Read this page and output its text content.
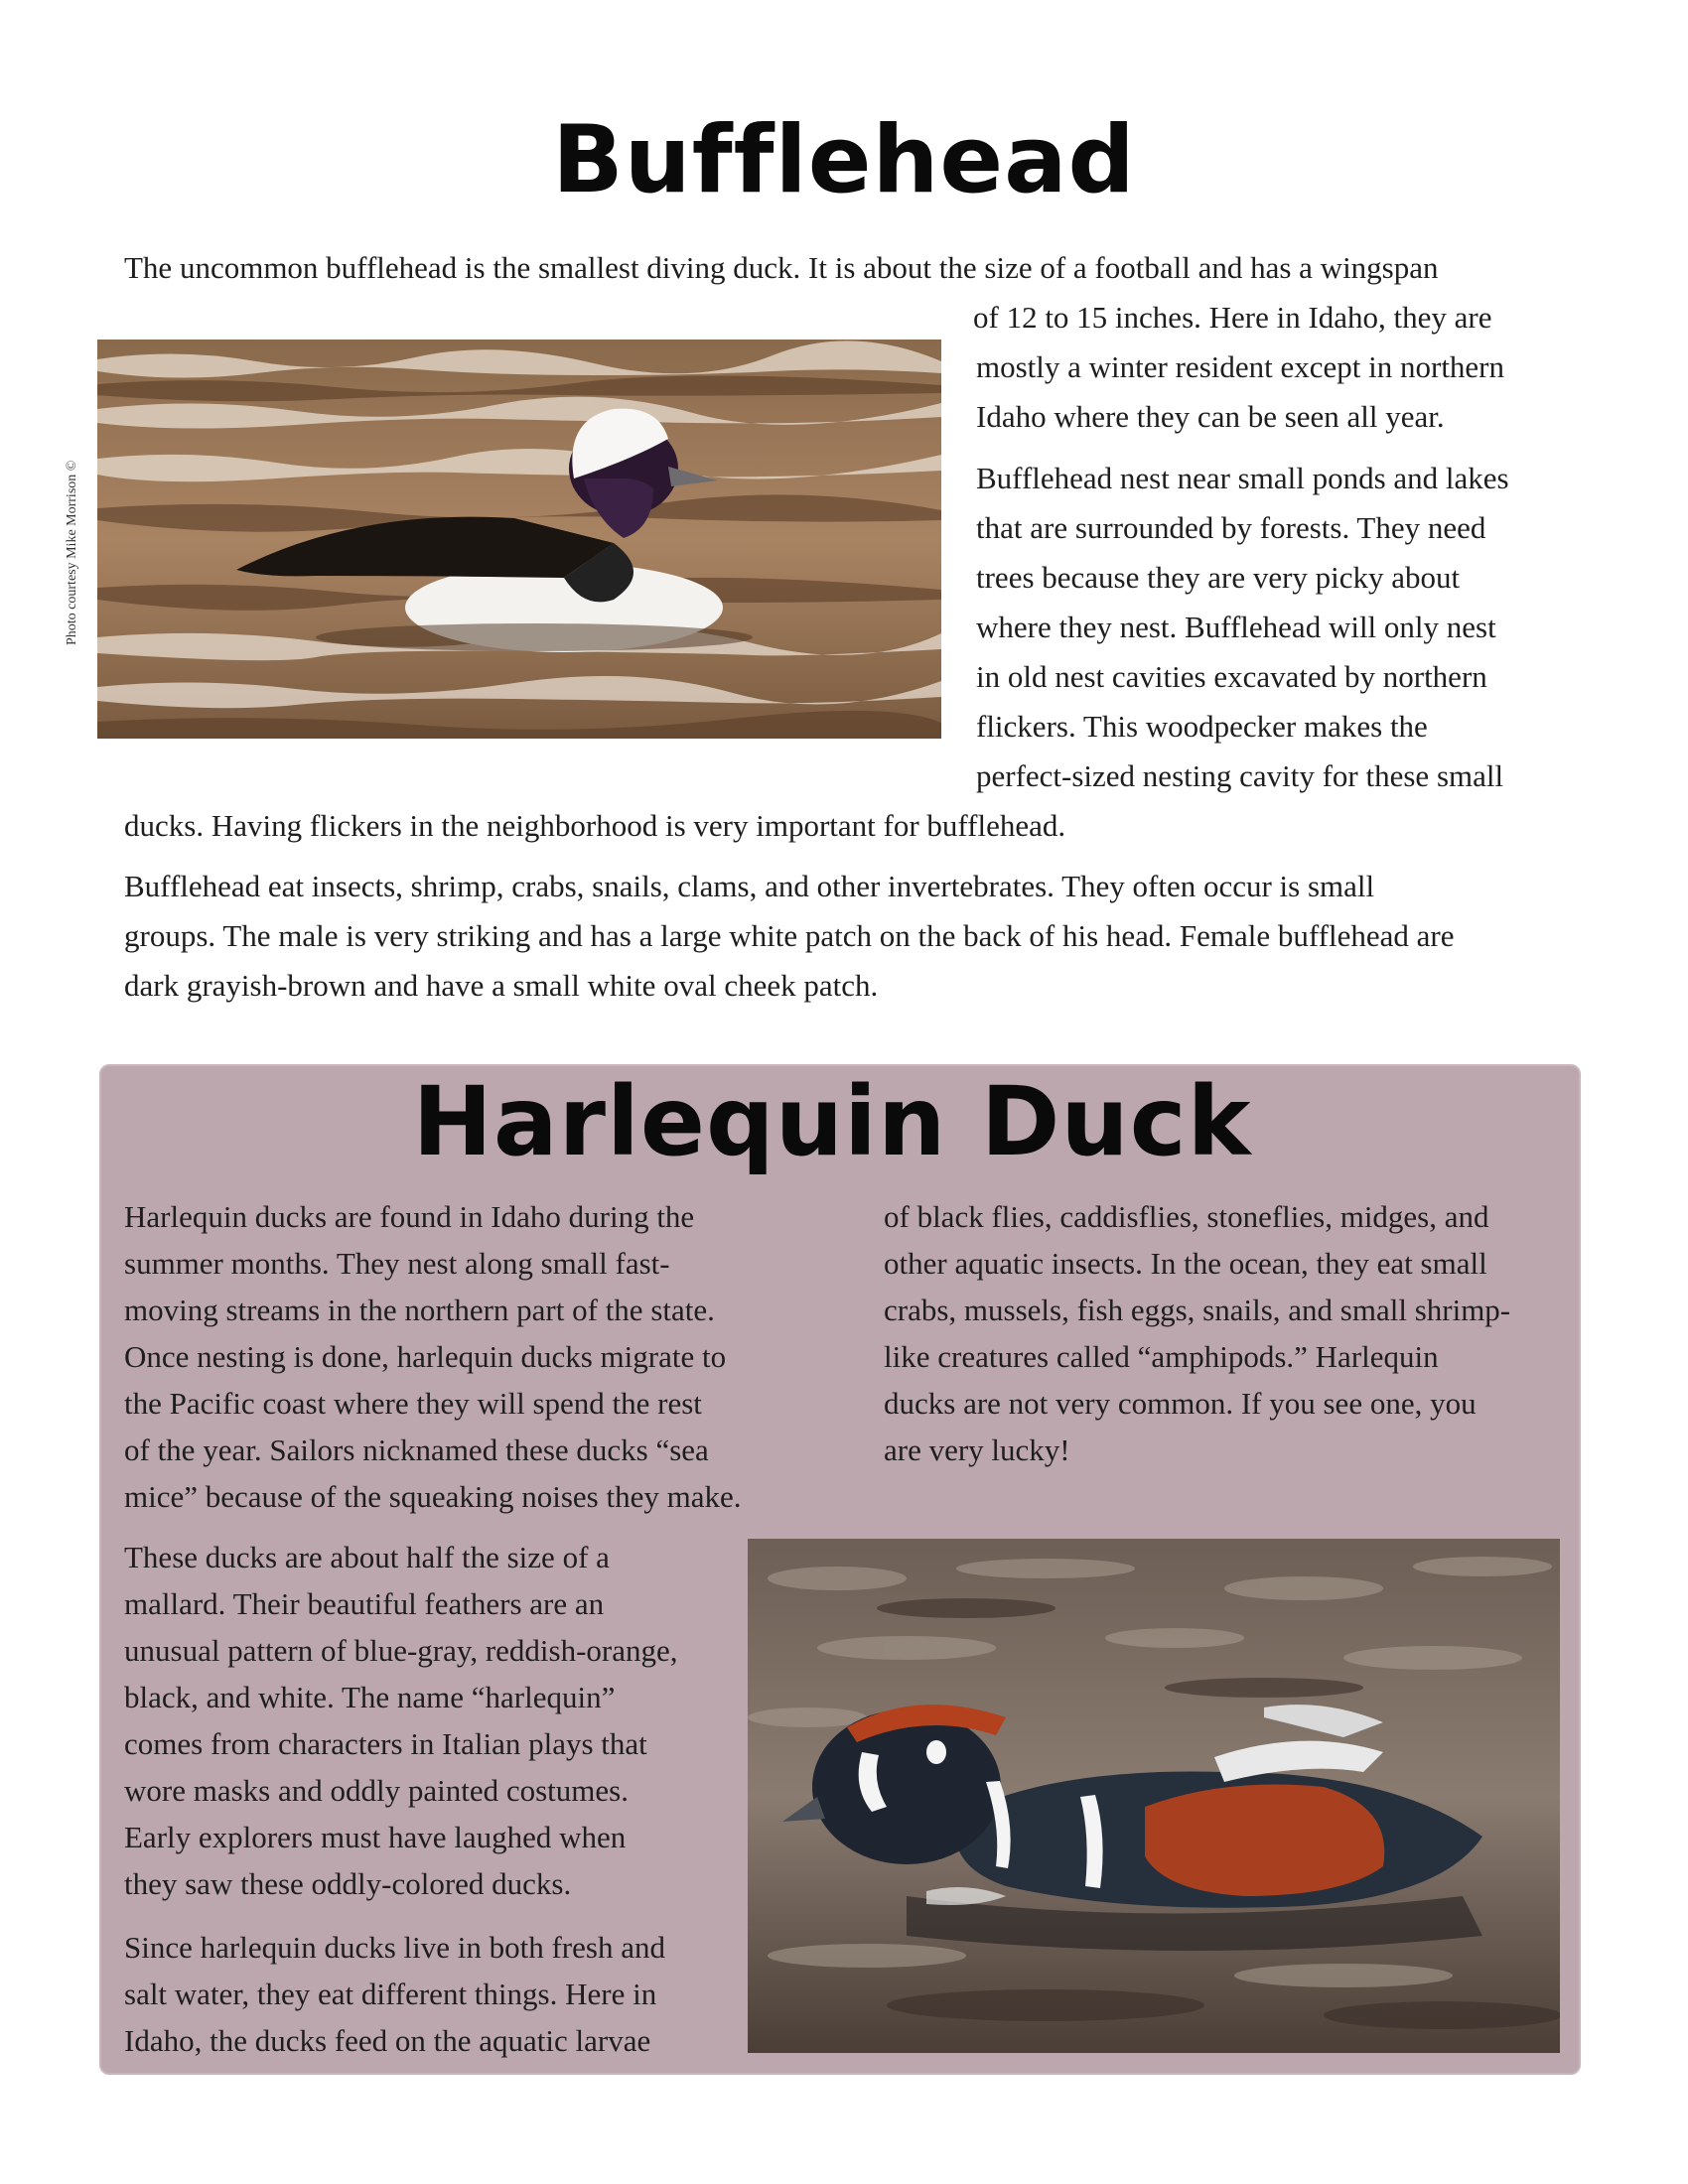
Bufflehead

The uncommon bufflehead is the smallest diving duck. It is about the size of a football and has a wingspan

of 12 to 15 inches. Here in Idaho, they are
mostly a winter resident except in northern
Idaho where they can be seen all year.
Bufflehead nest near small ponds and lakes
that are surrounded by forests. They need
trees because they are very picky about
where they nest. Bufflehead will only nest
in old nest cavities excavated by northern
flickers. This woodpecker makes the
perfect-sized nesting cavity for these small

ducks. Having flickers in the neighborhood is very important for bufflehead.

Bufflehead eat insects, shrimp, crabs, snails, clams, and other invertebrates. They often occur is small
groups. The male is very striking and has a large white patch on the back of his head. Female bufflehead are
dark grayish-brown and have a small white oval cheek patch.

Photo courtesy Mike Morrison ©

Harlequin Duck
Harlequin ducks are found in Idaho during the
summer months. They nest along small fast-
moving streams in the northern part of the state.
Once nesting is done, harlequin ducks migrate to
the Pacific coast where they will spend the rest
of the year. Sailors nicknamed these ducks “sea
mice” because of the squeaking noises they make.
of black flies, caddisflies, stoneflies, midges, and
other aquatic insects. In the ocean, they eat small
crabs, mussels, fish eggs, snails, and small shrimp-
like creatures called “amphipods.” Harlequin
ducks are not very common. If you see one, you
are very lucky!
These ducks are about half the size of a
mallard. Their beautiful feathers are an
unusual pattern of blue-gray, reddish-orange,
black, and white. The name “harlequin”
comes from characters in Italian plays that
wore masks and oddly painted costumes.
Early explorers must have laughed when
they saw these oddly-colored ducks.
Since harlequin ducks live in both fresh and
salt water, they eat different things. Here in
Idaho, the ducks feed on the aquatic larvae
